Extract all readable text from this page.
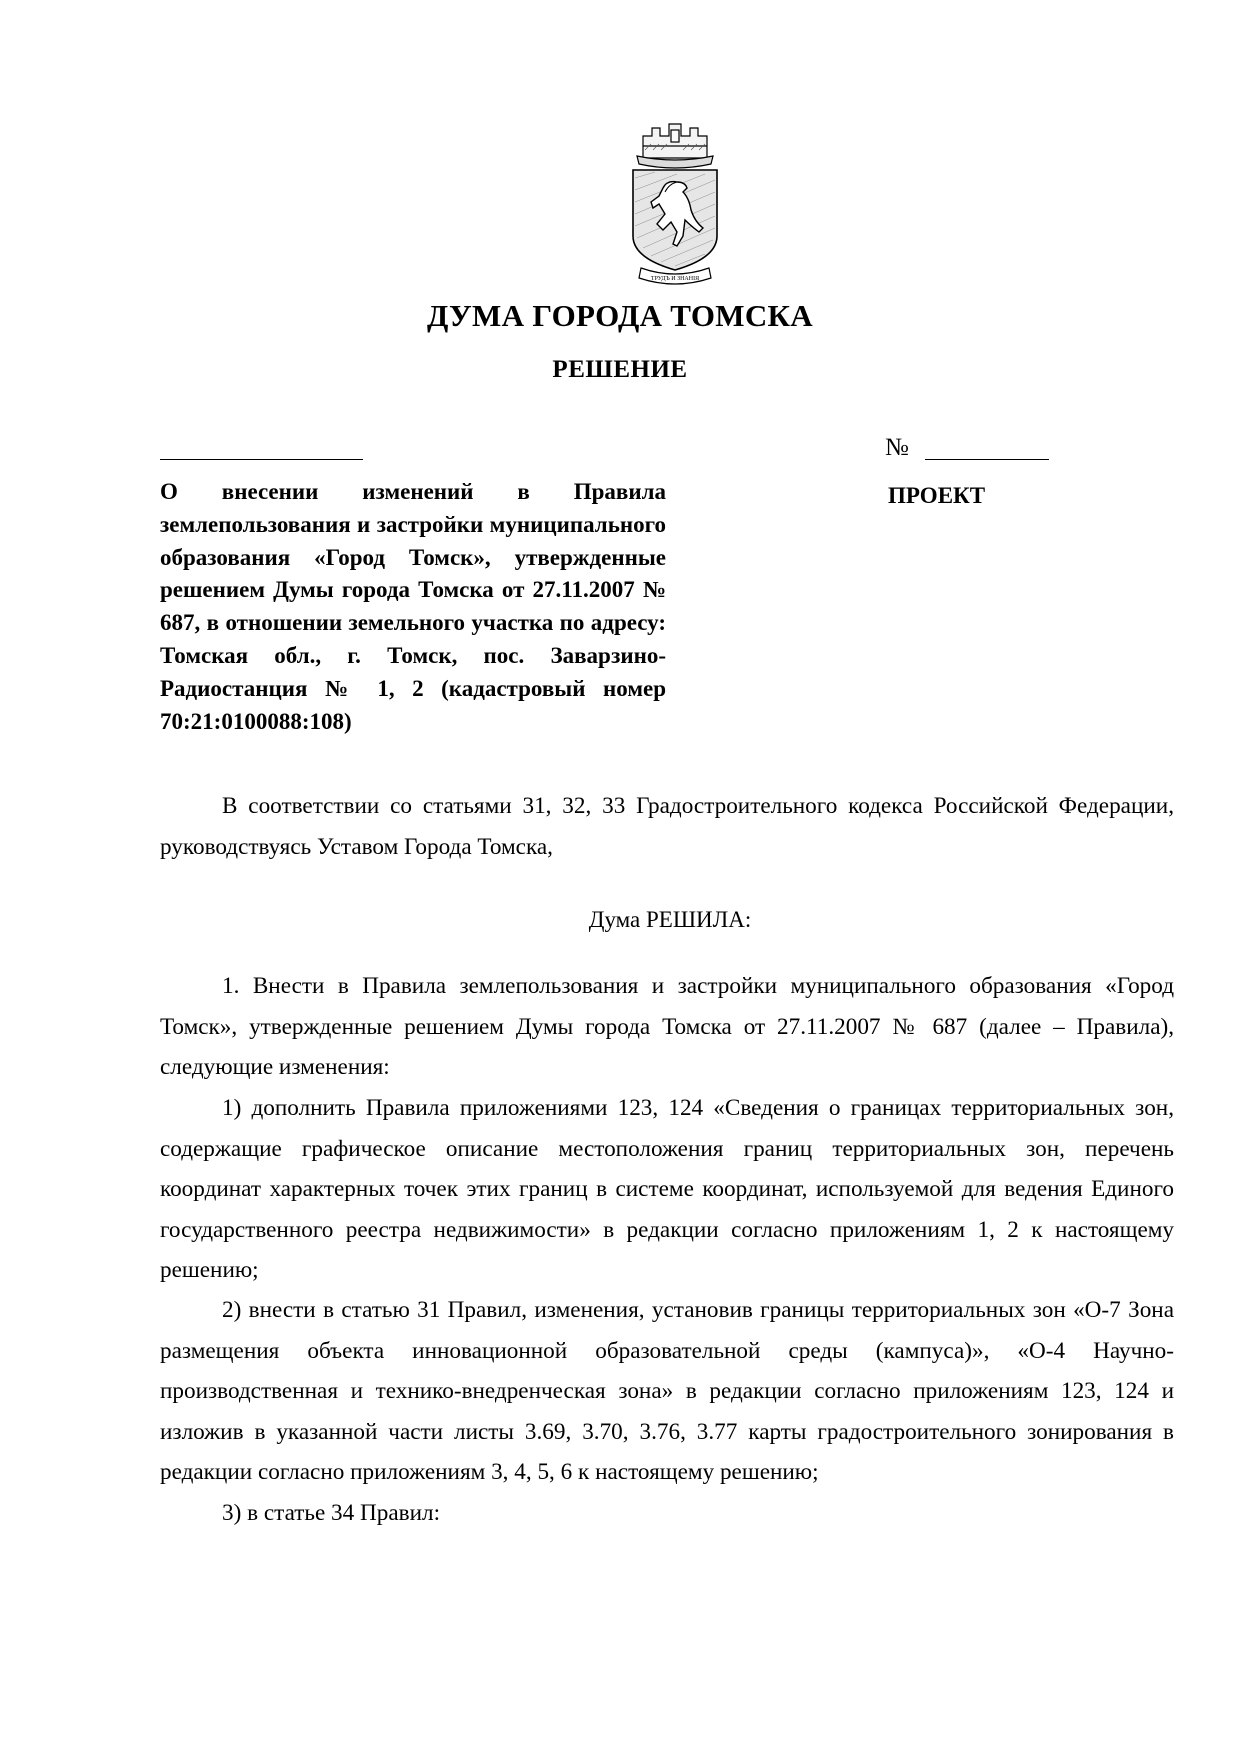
ТРУДЪ И ЗНАНIЯ
ДУМА ГОРОДА ТОМСКА
РЕШЕНИЕ
№
ПРОЕКТ
О внесении изменений в Правила землепользования и застройки муниципального образования «Город Томск», утвержденные решением Думы города Томска от 27.11.2007 № 687, в отношении земельного участка по адресу: Томская обл., г. Томск, пос. Заварзино-Радиостанция № 1, 2 (кадастровый номер 70:21:0100088:108)

В соответствии со статьями 31, 32, 33 Градостроительного кодекса Российской Федерации, руководствуясь Уставом Города Томска,

Дума РЕШИЛА:

1. Внести в Правила землепользования и застройки муниципального образования «Город Томск», утвержденные решением Думы города Томска от 27.11.2007 № 687 (далее – Правила), следующие изменения:

1) дополнить Правила приложениями 123, 124 «Сведения о границах территориальных зон, содержащие графическое описание местоположения границ территориальных зон, перечень координат характерных точек этих границ в системе координат, используемой для ведения Единого государственного реестра недвижимости» в редакции согласно приложениям 1, 2 к настоящему решению;

2) внести в статью 31 Правил, изменения, установив границы территориальных зон «О-7 Зона размещения объекта инновационной образовательной среды (кампуса)», «О-4 Научно-производственная и технико-внедренческая зона» в редакции согласно приложениям 123, 124 и изложив в указанной части листы 3.69, 3.70, 3.76, 3.77 карты градостроительного зонирования в редакции согласно приложениям 3, 4, 5, 6 к настоящему решению;

3) в статье 34 Правил:
